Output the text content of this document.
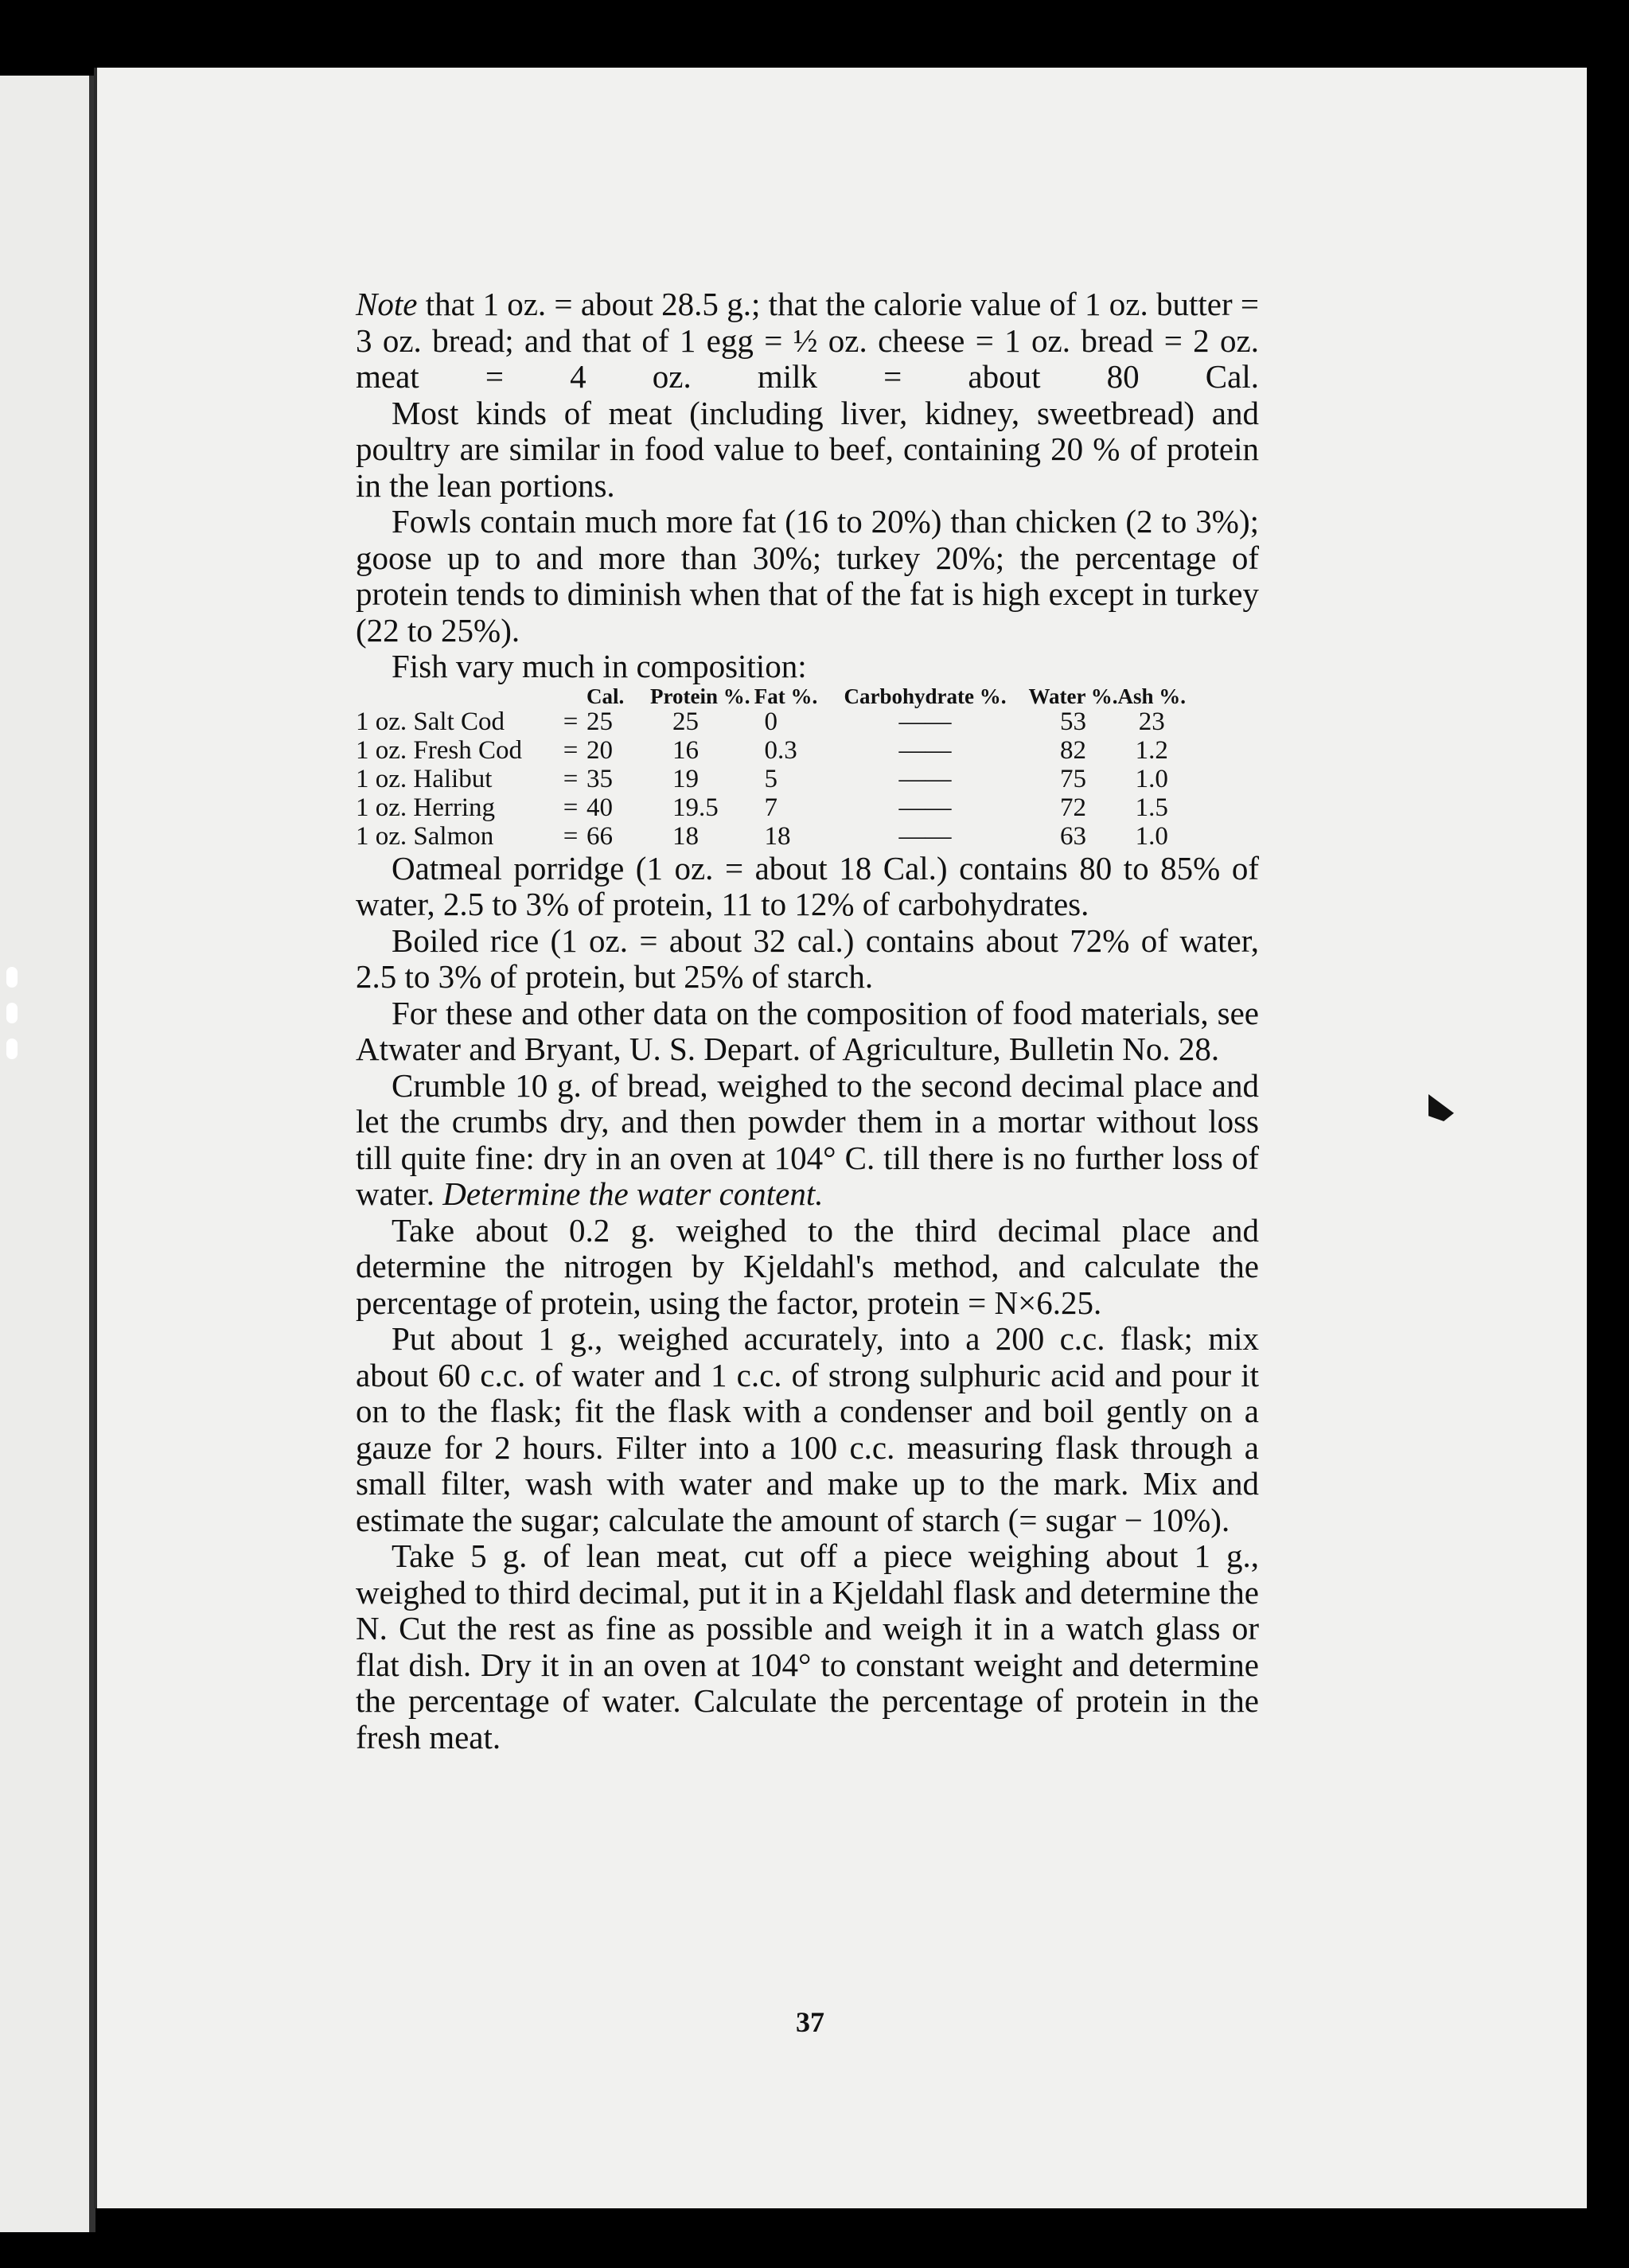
Note that 1 oz. = about 28.5 g.; that the calorie value of 1 oz. butter = 3 oz. bread; and that of 1 egg = ½ oz. cheese = 1 oz. bread = 2 oz. meat = 4 oz. milk = about 80 Cal.

Most kinds of meat (including liver, kidney, sweetbread) and poultry are similar in food value to beef, containing 20 % of protein in the lean portions.

Fowls contain much more fat (16 to 20%) than chicken (2 to 3%); goose up to and more than 30%; turkey 20%; the percentage of protein tends to diminish when that of the fat is high except in turkey (22 to 25%).

Fish vary much in composition:

		Cal.	Protein %.	Fat %.	Carbohydrate %.	Water %.	Ash %.
1 oz. Salt Cod	=	25	25	0	——	53	23
1 oz. Fresh Cod	=	20	16	0.3	——	82	1.2
1 oz. Halibut	=	35	19	5	——	75	1.0
1 oz. Herring	=	40	19.5	7	——	72	1.5
1 oz. Salmon	=	66	18	18	——	63	1.0

Oatmeal porridge (1 oz. = about 18 Cal.) contains 80 to 85% of water, 2.5 to 3% of protein, 11 to 12% of carbohydrates.

Boiled rice (1 oz. = about 32 cal.) contains about 72% of water, 2.5 to 3% of protein, but 25% of starch.

For these and other data on the composition of food materials, see Atwater and Bryant, U. S. Depart. of Agriculture, Bulletin No. 28.

Crumble 10 g. of bread, weighed to the second decimal place and let the crumbs dry, and then powder them in a mortar without loss till quite fine: dry in an oven at 104° C. till there is no further loss of water. Determine the water content.

Take about 0.2 g. weighed to the third decimal place and determine the nitrogen by Kjeldahl's method, and calculate the percentage of protein, using the factor, protein = N×6.25.

Put about 1 g., weighed accurately, into a 200 c.c. flask; mix about 60 c.c. of water and 1 c.c. of strong sulphuric acid and pour it on to the flask; fit the flask with a condenser and boil gently on a gauze for 2 hours. Filter into a 100 c.c. measuring flask through a small filter, wash with water and make up to the mark. Mix and estimate the sugar; calculate the amount of starch (= sugar − 10%).

Take 5 g. of lean meat, cut off a piece weighing about 1 g., weighed to third decimal, put it in a Kjeldahl flask and determine the N. Cut the rest as fine as possible and weigh it in a watch glass or flat dish. Dry it in an oven at 104° to constant weight and determine the percentage of water. Calculate the percentage of protein in the fresh meat.

37
